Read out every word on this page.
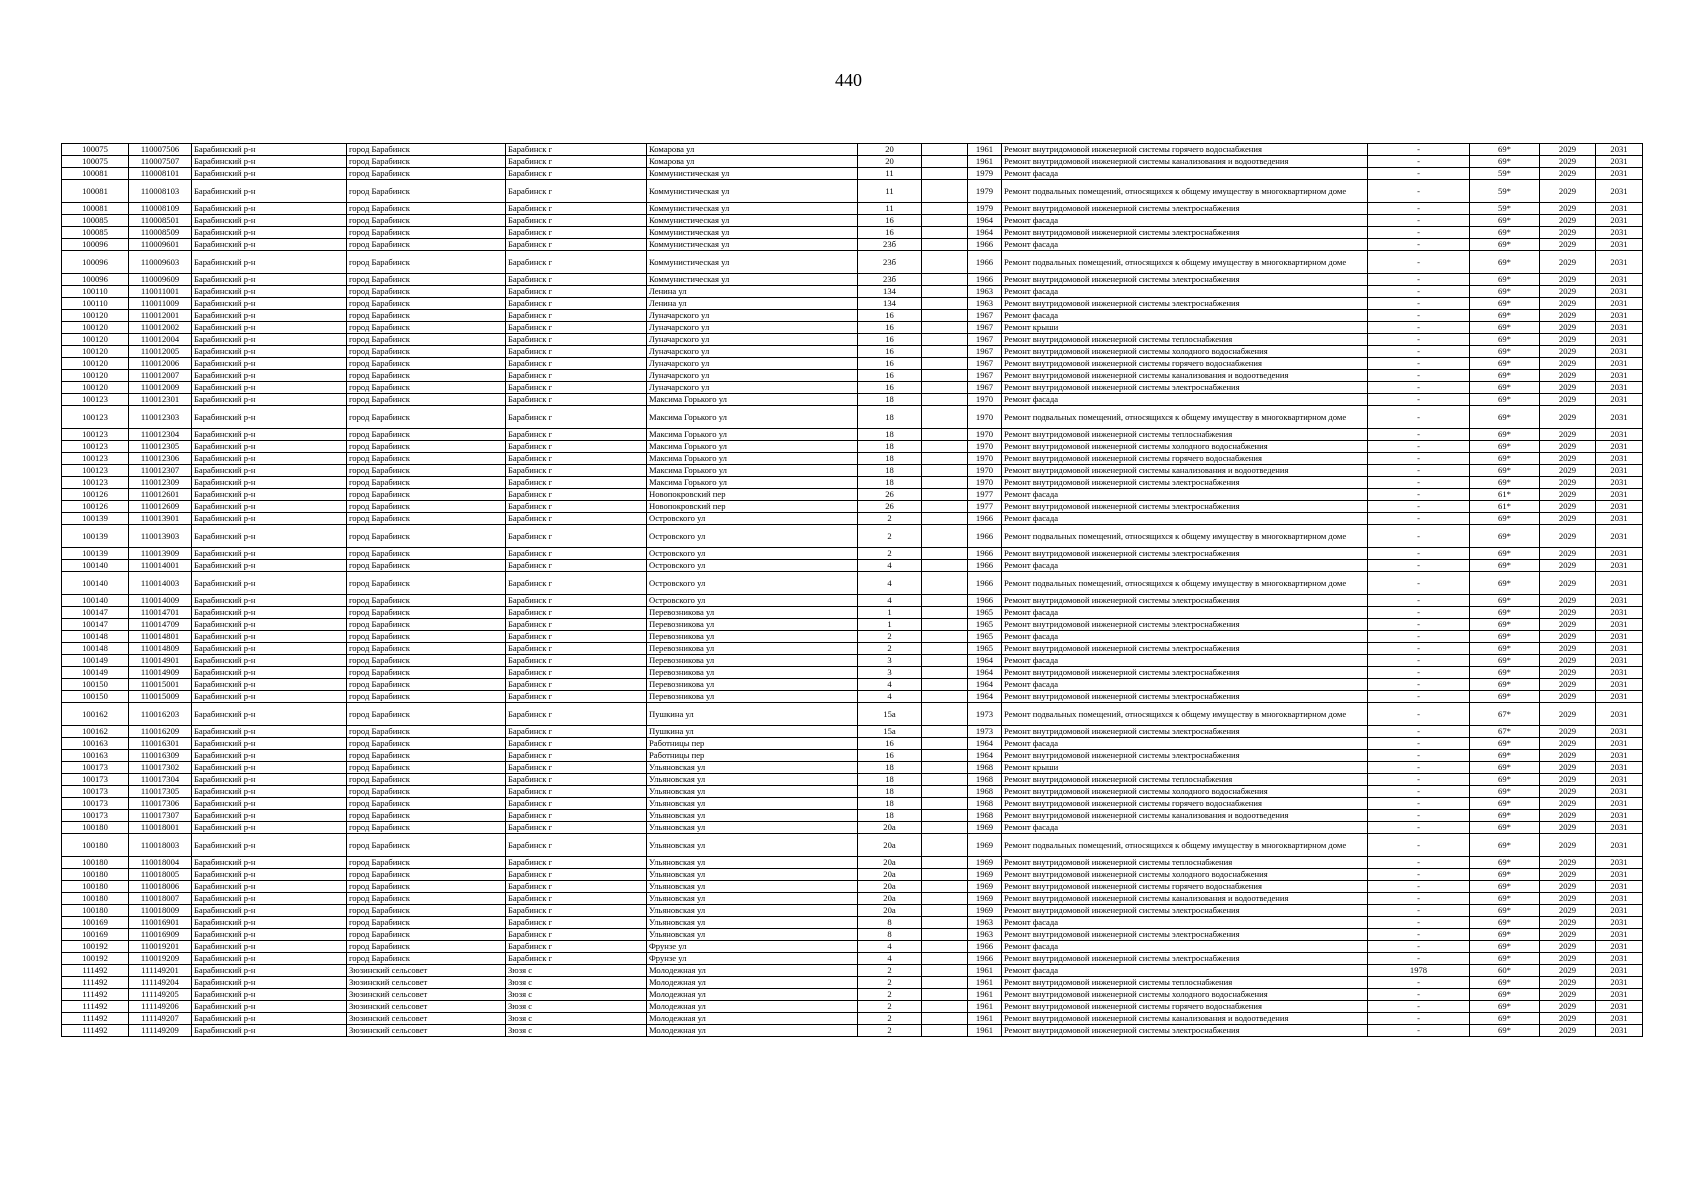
440
100075	110007506	Барабинский р-н	город Барабинск	Барабинск г	Комарова ул	20		1961	Ремонт внутридомовой инженерной системы горячего водоснабжения	-	69*	2029	2031
100075	110007507	Барабинский р-н	город Барабинск	Барабинск г	Комарова ул	20		1961	Ремонт внутридомовой инженерной системы канализования и водоотведения	-	69*	2029	2031
100081	110008101	Барабинский р-н	город Барабинск	Барабинск г	Коммунистическая ул	11		1979	Ремонт фасада	-	59*	2029	2031
100081	110008103	Барабинский р-н	город Барабинск	Барабинск г	Коммунистическая ул	11		1979	Ремонт подвальных помещений, относящихся к общему имуществу в многоквартирном доме	-	59*	2029	2031
100081	110008109	Барабинский р-н	город Барабинск	Барабинск г	Коммунистическая ул	11		1979	Ремонт внутридомовой инженерной системы электроснабжения	-	59*	2029	2031
100085	110008501	Барабинский р-н	город Барабинск	Барабинск г	Коммунистическая ул	16		1964	Ремонт фасада	-	69*	2029	2031
100085	110008509	Барабинский р-н	город Барабинск	Барабинск г	Коммунистическая ул	16		1964	Ремонт внутридомовой инженерной системы электроснабжения	-	69*	2029	2031
100096	110009601	Барабинский р-н	город Барабинск	Барабинск г	Коммунистическая ул	23б		1966	Ремонт фасада	-	69*	2029	2031
100096	110009603	Барабинский р-н	город Барабинск	Барабинск г	Коммунистическая ул	23б		1966	Ремонт подвальных помещений, относящихся к общему имуществу в многоквартирном доме	-	69*	2029	2031
100096	110009609	Барабинский р-н	город Барабинск	Барабинск г	Коммунистическая ул	23б		1966	Ремонт внутридомовой инженерной системы электроснабжения	-	69*	2029	2031
100110	110011001	Барабинский р-н	город Барабинск	Барабинск г	Ленина ул	134		1963	Ремонт фасада	-	69*	2029	2031
100110	110011009	Барабинский р-н	город Барабинск	Барабинск г	Ленина ул	134		1963	Ремонт внутридомовой инженерной системы электроснабжения	-	69*	2029	2031
100120	110012001	Барабинский р-н	город Барабинск	Барабинск г	Луначарского ул	16		1967	Ремонт фасада	-	69*	2029	2031
100120	110012002	Барабинский р-н	город Барабинск	Барабинск г	Луначарского ул	16		1967	Ремонт крыши	-	69*	2029	2031
100120	110012004	Барабинский р-н	город Барабинск	Барабинск г	Луначарского ул	16		1967	Ремонт внутридомовой инженерной системы теплоснабжения	-	69*	2029	2031
100120	110012005	Барабинский р-н	город Барабинск	Барабинск г	Луначарского ул	16		1967	Ремонт внутридомовой инженерной системы холодного водоснабжения	-	69*	2029	2031
100120	110012006	Барабинский р-н	город Барабинск	Барабинск г	Луначарского ул	16		1967	Ремонт внутридомовой инженерной системы горячего водоснабжения	-	69*	2029	2031
100120	110012007	Барабинский р-н	город Барабинск	Барабинск г	Луначарского ул	16		1967	Ремонт внутридомовой инженерной системы канализования и водоотведения	-	69*	2029	2031
100120	110012009	Барабинский р-н	город Барабинск	Барабинск г	Луначарского ул	16		1967	Ремонт внутридомовой инженерной системы электроснабжения	-	69*	2029	2031
100123	110012301	Барабинский р-н	город Барабинск	Барабинск г	Максима Горького ул	18		1970	Ремонт фасада	-	69*	2029	2031
100123	110012303	Барабинский р-н	город Барабинск	Барабинск г	Максима Горького ул	18		1970	Ремонт подвальных помещений, относящихся к общему имуществу в многоквартирном доме	-	69*	2029	2031
100123	110012304	Барабинский р-н	город Барабинск	Барабинск г	Максима Горького ул	18		1970	Ремонт внутридомовой инженерной системы теплоснабжения	-	69*	2029	2031
100123	110012305	Барабинский р-н	город Барабинск	Барабинск г	Максима Горького ул	18		1970	Ремонт внутридомовой инженерной системы холодного водоснабжения	-	69*	2029	2031
100123	110012306	Барабинский р-н	город Барабинск	Барабинск г	Максима Горького ул	18		1970	Ремонт внутридомовой инженерной системы горячего водоснабжения	-	69*	2029	2031
100123	110012307	Барабинский р-н	город Барабинск	Барабинск г	Максима Горького ул	18		1970	Ремонт внутридомовой инженерной системы канализования и водоотведения	-	69*	2029	2031
100123	110012309	Барабинский р-н	город Барабинск	Барабинск г	Максима Горького ул	18		1970	Ремонт внутридомовой инженерной системы электроснабжения	-	69*	2029	2031
100126	110012601	Барабинский р-н	город Барабинск	Барабинск г	Новопокровский пер	26		1977	Ремонт фасада	-	61*	2029	2031
100126	110012609	Барабинский р-н	город Барабинск	Барабинск г	Новопокровский пер	26		1977	Ремонт внутридомовой инженерной системы электроснабжения	-	61*	2029	2031
100139	110013901	Барабинский р-н	город Барабинск	Барабинск г	Островского ул	2		1966	Ремонт фасада	-	69*	2029	2031
100139	110013903	Барабинский р-н	город Барабинск	Барабинск г	Островского ул	2		1966	Ремонт подвальных помещений, относящихся к общему имуществу в многоквартирном доме	-	69*	2029	2031
100139	110013909	Барабинский р-н	город Барабинск	Барабинск г	Островского ул	2		1966	Ремонт внутридомовой инженерной системы электроснабжения	-	69*	2029	2031
100140	110014001	Барабинский р-н	город Барабинск	Барабинск г	Островского ул	4		1966	Ремонт фасада	-	69*	2029	2031
100140	110014003	Барабинский р-н	город Барабинск	Барабинск г	Островского ул	4		1966	Ремонт подвальных помещений, относящихся к общему имуществу в многоквартирном доме	-	69*	2029	2031
100140	110014009	Барабинский р-н	город Барабинск	Барабинск г	Островского ул	4		1966	Ремонт внутридомовой инженерной системы электроснабжения	-	69*	2029	2031
100147	110014701	Барабинский р-н	город Барабинск	Барабинск г	Перевозникова ул	1		1965	Ремонт фасада	-	69*	2029	2031
100147	110014709	Барабинский р-н	город Барабинск	Барабинск г	Перевозникова ул	1		1965	Ремонт внутридомовой инженерной системы электроснабжения	-	69*	2029	2031
100148	110014801	Барабинский р-н	город Барабинск	Барабинск г	Перевозникова ул	2		1965	Ремонт фасада	-	69*	2029	2031
100148	110014809	Барабинский р-н	город Барабинск	Барабинск г	Перевозникова ул	2		1965	Ремонт внутридомовой инженерной системы электроснабжения	-	69*	2029	2031
100149	110014901	Барабинский р-н	город Барабинск	Барабинск г	Перевозникова ул	3		1964	Ремонт фасада	-	69*	2029	2031
100149	110014909	Барабинский р-н	город Барабинск	Барабинск г	Перевозникова ул	3		1964	Ремонт внутридомовой инженерной системы электроснабжения	-	69*	2029	2031
100150	110015001	Барабинский р-н	город Барабинск	Барабинск г	Перевозникова ул	4		1964	Ремонт фасада	-	69*	2029	2031
100150	110015009	Барабинский р-н	город Барабинск	Барабинск г	Перевозникова ул	4		1964	Ремонт внутридомовой инженерной системы электроснабжения	-	69*	2029	2031
100162	110016203	Барабинский р-н	город Барабинск	Барабинск г	Пушкина ул	15а		1973	Ремонт подвальных помещений, относящихся к общему имуществу в многоквартирном доме	-	67*	2029	2031
100162	110016209	Барабинский р-н	город Барабинск	Барабинск г	Пушкина ул	15а		1973	Ремонт внутридомовой инженерной системы электроснабжения	-	67*	2029	2031
100163	110016301	Барабинский р-н	город Барабинск	Барабинск г	Работницы пер	16		1964	Ремонт фасада	-	69*	2029	2031
100163	110016309	Барабинский р-н	город Барабинск	Барабинск г	Работницы пер	16		1964	Ремонт внутридомовой инженерной системы электроснабжения	-	69*	2029	2031
100173	110017302	Барабинский р-н	город Барабинск	Барабинск г	Ульяновская ул	18		1968	Ремонт крыши	-	69*	2029	2031
100173	110017304	Барабинский р-н	город Барабинск	Барабинск г	Ульяновская ул	18		1968	Ремонт внутридомовой инженерной системы теплоснабжения	-	69*	2029	2031
100173	110017305	Барабинский р-н	город Барабинск	Барабинск г	Ульяновская ул	18		1968	Ремонт внутридомовой инженерной системы холодного водоснабжения	-	69*	2029	2031
100173	110017306	Барабинский р-н	город Барабинск	Барабинск г	Ульяновская ул	18		1968	Ремонт внутридомовой инженерной системы горячего водоснабжения	-	69*	2029	2031
100173	110017307	Барабинский р-н	город Барабинск	Барабинск г	Ульяновская ул	18		1968	Ремонт внутридомовой инженерной системы канализования и водоотведения	-	69*	2029	2031
100180	110018001	Барабинский р-н	город Барабинск	Барабинск г	Ульяновская ул	20а		1969	Ремонт фасада	-	69*	2029	2031
100180	110018003	Барабинский р-н	город Барабинск	Барабинск г	Ульяновская ул	20а		1969	Ремонт подвальных помещений, относящихся к общему имуществу в многоквартирном доме	-	69*	2029	2031
100180	110018004	Барабинский р-н	город Барабинск	Барабинск г	Ульяновская ул	20а		1969	Ремонт внутридомовой инженерной системы теплоснабжения	-	69*	2029	2031
100180	110018005	Барабинский р-н	город Барабинск	Барабинск г	Ульяновская ул	20а		1969	Ремонт внутридомовой инженерной системы холодного водоснабжения	-	69*	2029	2031
100180	110018006	Барабинский р-н	город Барабинск	Барабинск г	Ульяновская ул	20а		1969	Ремонт внутридомовой инженерной системы горячего водоснабжения	-	69*	2029	2031
100180	110018007	Барабинский р-н	город Барабинск	Барабинск г	Ульяновская ул	20а		1969	Ремонт внутридомовой инженерной системы канализования и водоотведения	-	69*	2029	2031
100180	110018009	Барабинский р-н	город Барабинск	Барабинск г	Ульяновская ул	20а		1969	Ремонт внутридомовой инженерной системы электроснабжения	-	69*	2029	2031
100169	110016901	Барабинский р-н	город Барабинск	Барабинск г	Ульяновская ул	8		1963	Ремонт фасада	-	69*	2029	2031
100169	110016909	Барабинский р-н	город Барабинск	Барабинск г	Ульяновская ул	8		1963	Ремонт внутридомовой инженерной системы электроснабжения	-	69*	2029	2031
100192	110019201	Барабинский р-н	город Барабинск	Барабинск г	Фрунзе ул	4		1966	Ремонт фасада	-	69*	2029	2031
100192	110019209	Барабинский р-н	город Барабинск	Барабинск г	Фрунзе ул	4		1966	Ремонт внутридомовой инженерной системы электроснабжения	-	69*	2029	2031
111492	111149201	Барабинский р-н	Зюзинский сельсовет	Зюзя с	Молодежная ул	2		1961	Ремонт фасада	1978	60*	2029	2031
111492	111149204	Барабинский р-н	Зюзинский сельсовет	Зюзя с	Молодежная ул	2		1961	Ремонт внутридомовой инженерной системы теплоснабжения	-	69*	2029	2031
111492	111149205	Барабинский р-н	Зюзинский сельсовет	Зюзя с	Молодежная ул	2		1961	Ремонт внутридомовой инженерной системы холодного водоснабжения	-	69*	2029	2031
111492	111149206	Барабинский р-н	Зюзинский сельсовет	Зюзя с	Молодежная ул	2		1961	Ремонт внутридомовой инженерной системы горячего водоснабжения	-	69*	2029	2031
111492	111149207	Барабинский р-н	Зюзинский сельсовет	Зюзя с	Молодежная ул	2		1961	Ремонт внутридомовой инженерной системы канализования и водоотведения	-	69*	2029	2031
111492	111149209	Барабинский р-н	Зюзинский сельсовет	Зюзя с	Молодежная ул	2		1961	Ремонт внутридомовой инженерной системы электроснабжения	-	69*	2029	2031
